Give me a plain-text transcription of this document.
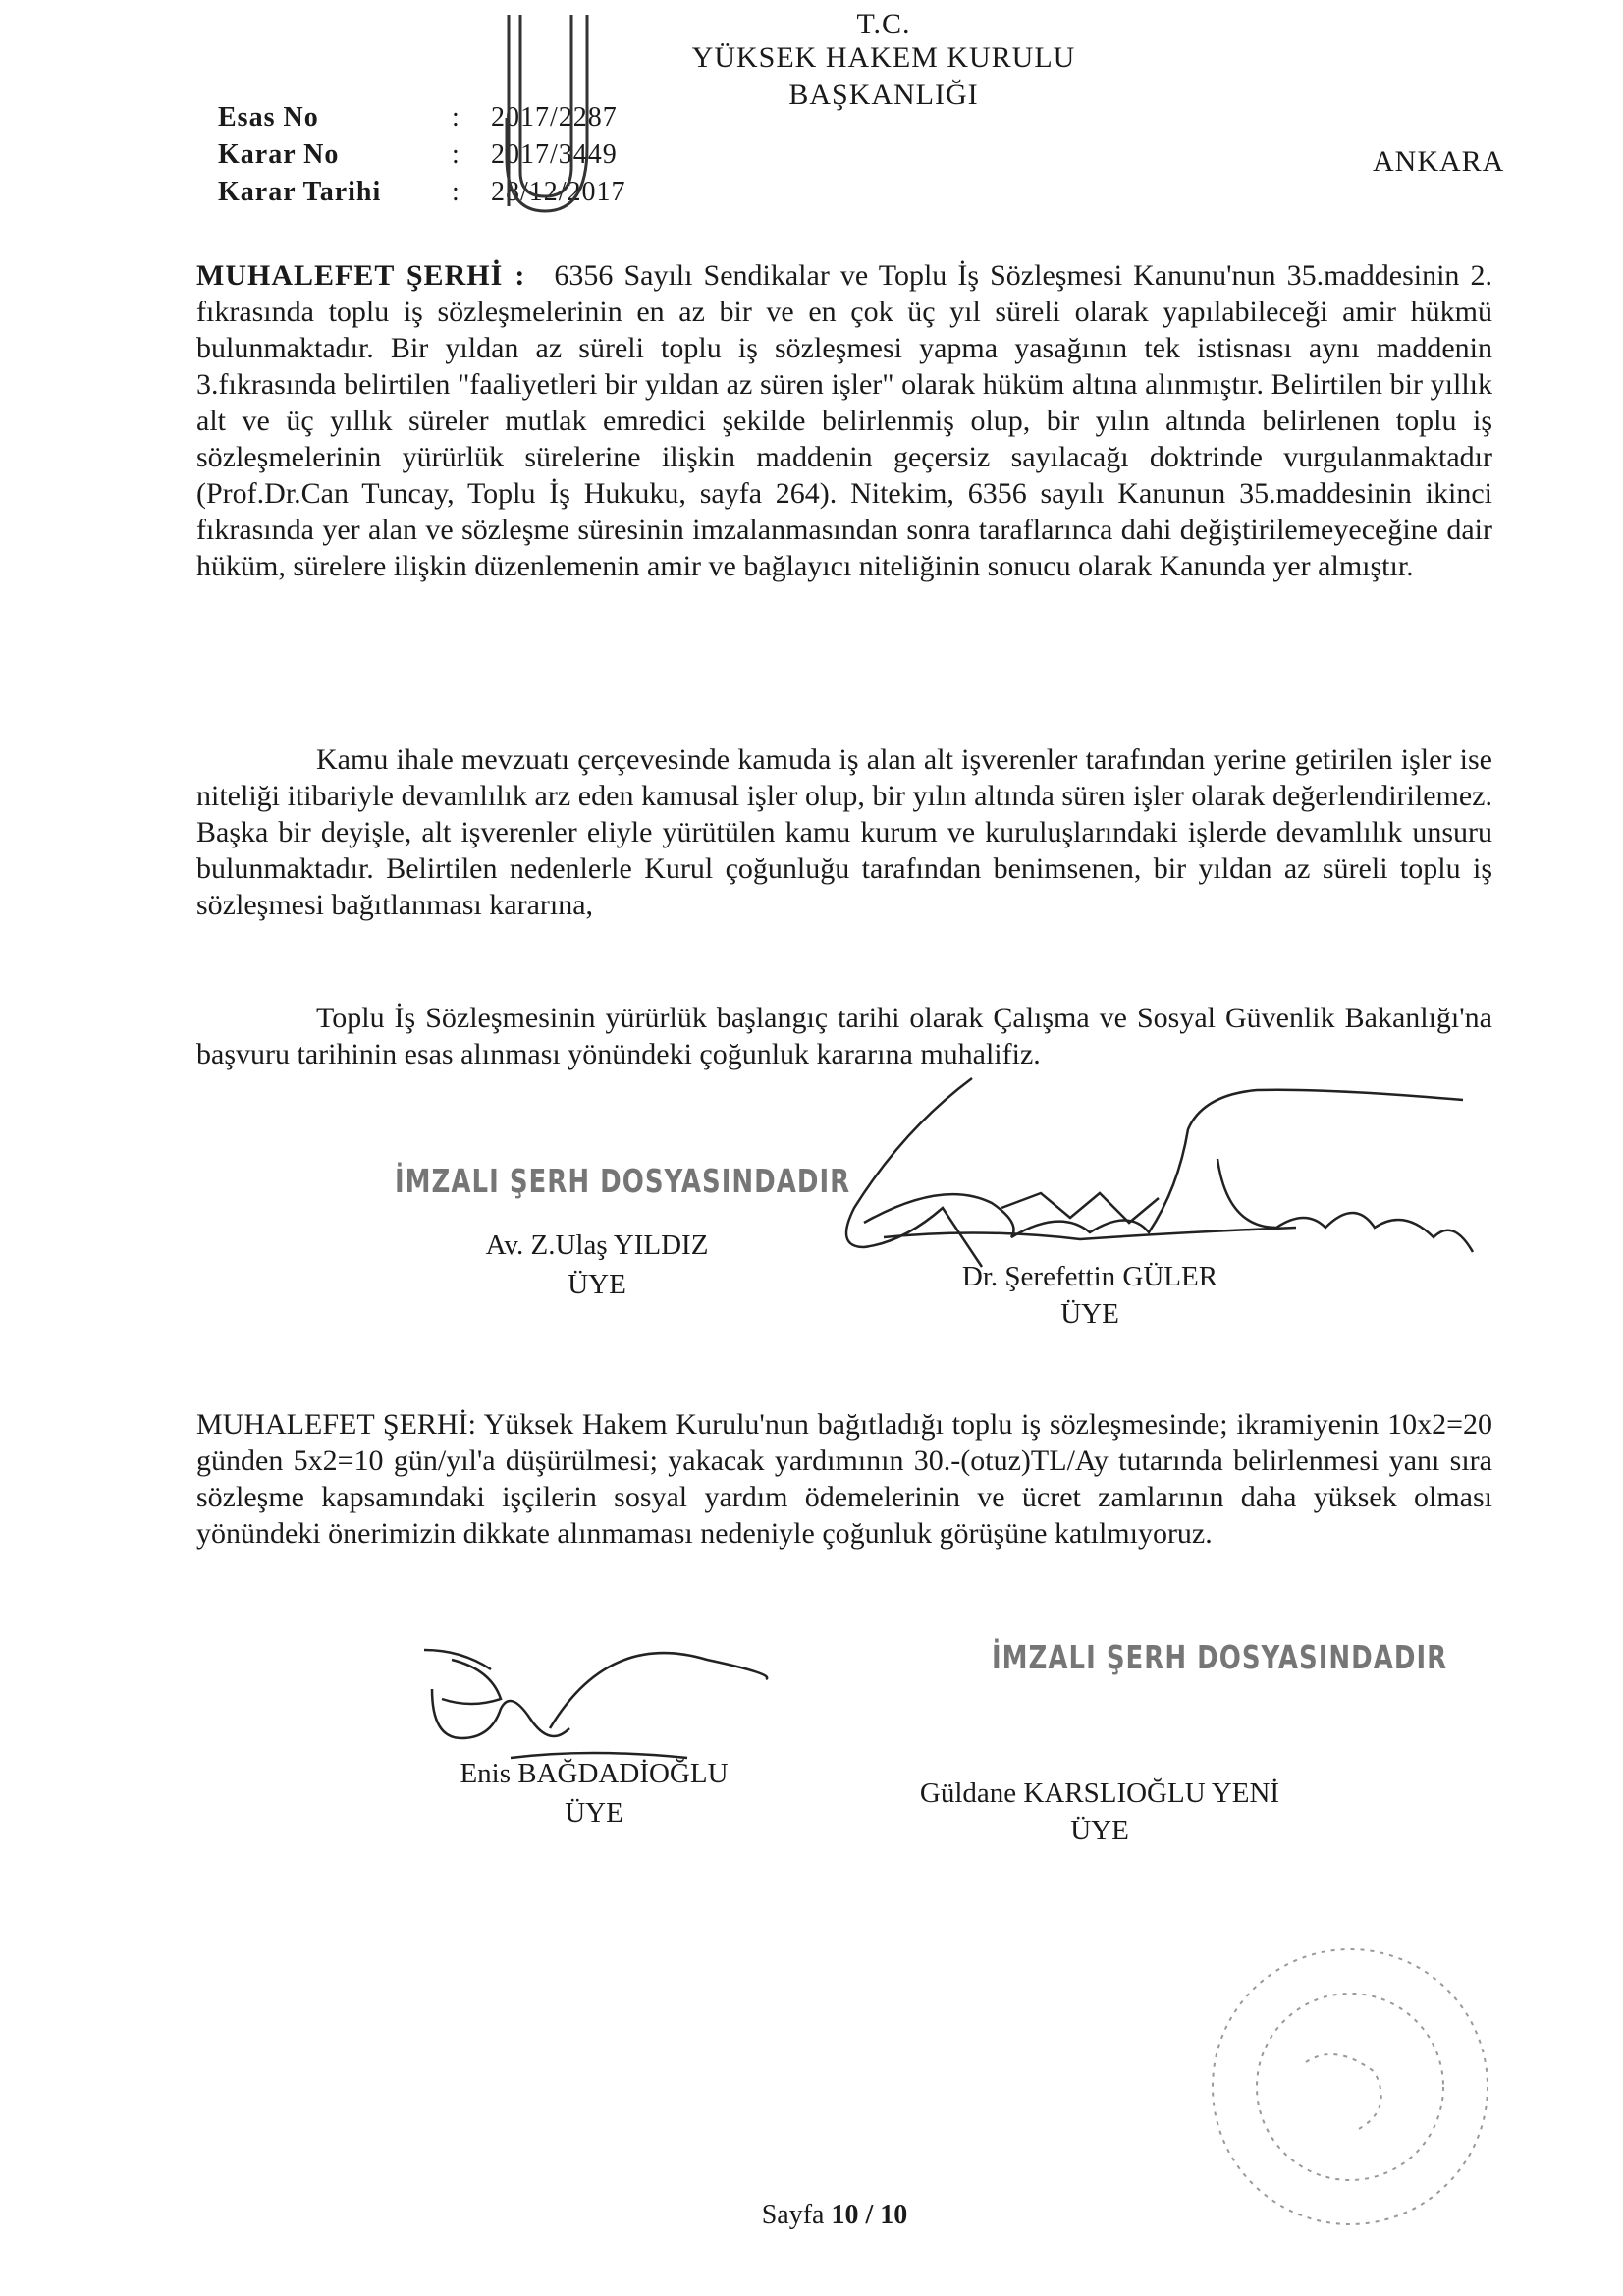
T.C.
YÜKSEK HAKEM KURULU
BAŞKANLIĞI
ANKARA
Esas No	: 2017/2287
Karar No	: 2017/3449
Karar Tarihi	: 28/12/2017
MUHALEFET ŞERHİ : 6356 Sayılı Sendikalar ve Toplu İş Sözleşmesi Kanunu'nun 35.maddesinin 2. fıkrasında toplu iş sözleşmelerinin en az bir ve en çok üç yıl süreli olarak yapılabileceği amir hükmü bulunmaktadır. Bir yıldan az süreli toplu iş sözleşmesi yapma yasağının tek istisnası aynı maddenin 3.fıkrasında belirtilen "faaliyetleri bir yıldan az süren işler" olarak hüküm altına alınmıştır. Belirtilen bir yıllık alt ve üç yıllık süreler mutlak emredici şekilde belirlenmiş olup, bir yılın altında belirlenen toplu iş sözleşmelerinin yürürlük sürelerine ilişkin maddenin geçersiz sayılacağı doktrinde vurgulanmaktadır (Prof.Dr.Can Tuncay, Toplu İş Hukuku, sayfa 264). Nitekim, 6356 sayılı Kanunun 35.maddesinin ikinci fıkrasında yer alan ve sözleşme süresinin imzalanmasından sonra taraflarınca dahi değiştirilemeyeceğine dair hüküm, sürelere ilişkin düzenlemenin amir ve bağlayıcı niteliğinin sonucu olarak Kanunda yer almıştır.
Kamu ihale mevzuatı çerçevesinde kamuda iş alan alt işverenler tarafından yerine getirilen işler ise niteliği itibariyle devamlılık arz eden kamusal işler olup, bir yılın altında süren işler olarak değerlendirilemez. Başka bir deyişle, alt işverenler eliyle yürütülen kamu kurum ve kuruluşlarındaki işlerde devamlılık unsuru bulunmaktadır. Belirtilen nedenlerle Kurul çoğunluğu tarafından benimsenen, bir yıldan az süreli toplu iş sözleşmesi bağıtlanması kararına,
Toplu İş Sözleşmesinin yürürlük başlangıç tarihi olarak Çalışma ve Sosyal Güvenlik Bakanlığı'na başvuru tarihinin esas alınması yönündeki çoğunluk kararına muhalifiz.
İMZALI ŞERH DOSYASINDADIR
Av. Z.Ulaş YILDIZ
ÜYE	Dr. Şerefettin GÜLER
ÜYE
MUHALEFET ŞERHİ: Yüksek Hakem Kurulu'nun bağıtladığı toplu iş sözleşmesinde; ikramiyenin 10x2=20 günden 5x2=10 gün/yıl'a düşürülmesi; yakacak yardımının 30.-(otuz)TL/Ay tutarında belirlenmesi yanı sıra sözleşme kapsamındaki işçilerin sosyal yardım ödemelerinin ve ücret zamlarının daha yüksek olması yönündeki önerimizin dikkate alınmaması nedeniyle çoğunluk görüşüne katılmıyoruz.
İMZALI ŞERH DOSYASINDADIR
Enis BAĞDADİOĞLU
ÜYE
Güldane KARSLIOĞLU YENİ
ÜYE
Sayfa 10 / 10
